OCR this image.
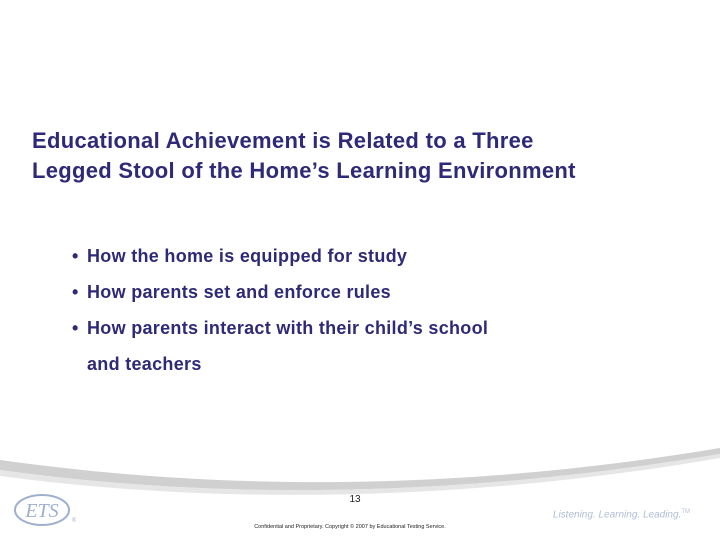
Educational Achievement is Related to a Three
Legged Stool of the Home’s Learning Environment
• How the home is equipped for study
• How parents set and enforce rules
• How parents interact with their child’s school
and teachers
ETS ®
13
Confidential and Proprietary. Copyright © 2007 by Educational Testing Service.
Listening. Learning. Leading.™
